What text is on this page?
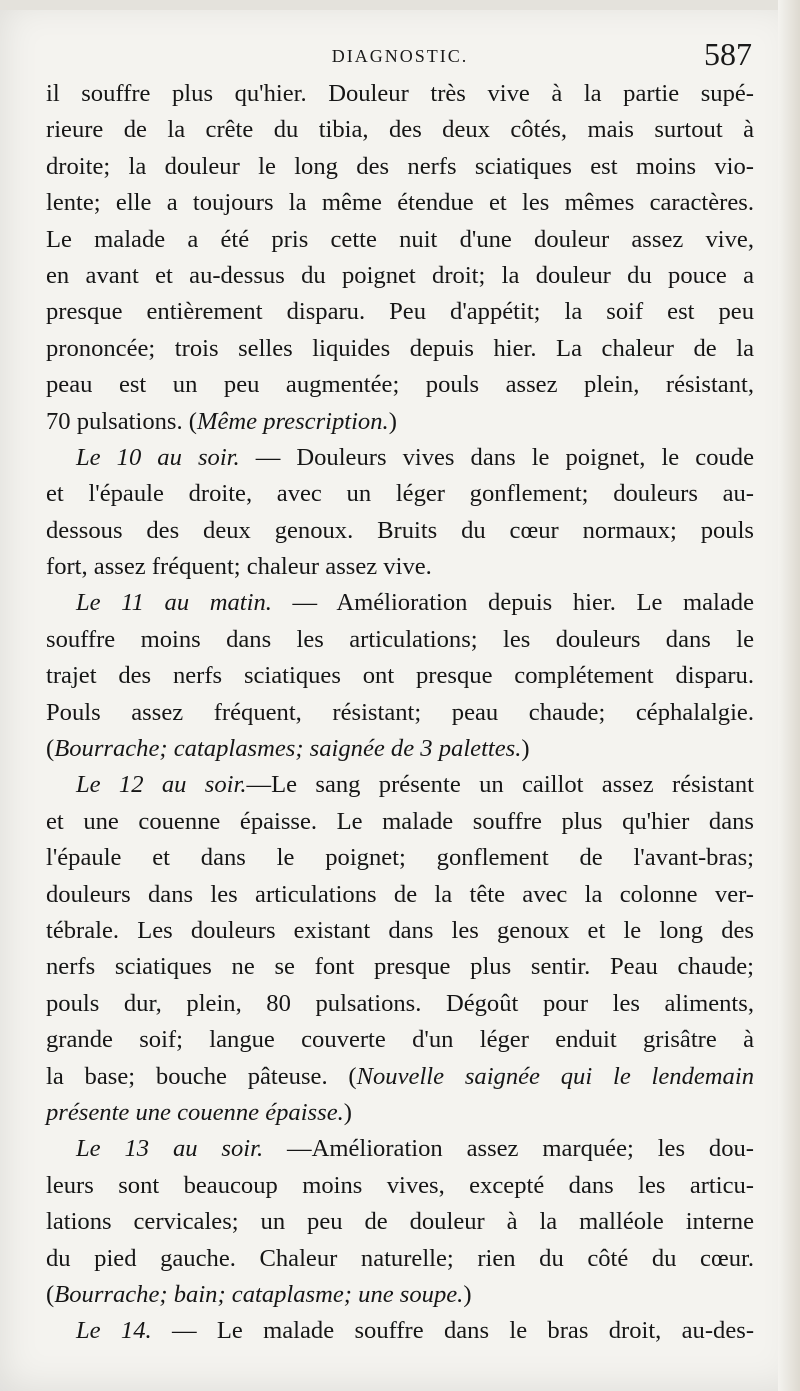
DIAGNOSTIC.	587
il souffre plus qu'hier. Douleur très vive à la partie supé-
rieure de la crête du tibia, des deux côtés, mais surtout à
droite; la douleur le long des nerfs sciatiques est moins vio-
lente; elle a toujours la même étendue et les mêmes caractères.
Le malade a été pris cette nuit d'une douleur assez vive,
en avant et au-dessus du poignet droit; la douleur du pouce a
presque entièrement disparu. Peu d'appétit; la soif est peu
prononcée; trois selles liquides depuis hier. La chaleur de la
peau est un peu augmentée; pouls assez plein, résistant,
70 pulsations. (Même prescription.)
Le 10 au soir. — Douleurs vives dans le poignet, le coude
et l'épaule droite, avec un léger gonflement; douleurs au-
dessous des deux genoux. Bruits du cœur normaux; pouls
fort, assez fréquent; chaleur assez vive.
Le 11 au matin. — Amélioration depuis hier. Le malade
souffre moins dans les articulations; les douleurs dans le
trajet des nerfs sciatiques ont presque complétement disparu.
Pouls assez fréquent, résistant; peau chaude; céphalalgie.
(Bourrache; cataplasmes; saignée de 3 palettes.)
Le 12 au soir.—Le sang présente un caillot assez résistant
et une couenne épaisse. Le malade souffre plus qu'hier dans
l'épaule et dans le poignet; gonflement de l'avant-bras;
douleurs dans les articulations de la tête avec la colonne ver-
tébrale. Les douleurs existant dans les genoux et le long des
nerfs sciatiques ne se font presque plus sentir. Peau chaude;
pouls dur, plein, 80 pulsations. Dégoût pour les aliments,
grande soif; langue couverte d'un léger enduit grisâtre à
la base; bouche pâteuse. (Nouvelle saignée qui le lendemain
présente une couenne épaisse.)
Le 13 au soir. —Amélioration assez marquée; les dou-
leurs sont beaucoup moins vives, excepté dans les articu-
lations cervicales; un peu de douleur à la malléole interne
du pied gauche. Chaleur naturelle; rien du côté du cœur.
(Bourrache; bain; cataplasme; une soupe.)
Le 14. — Le malade souffre dans le bras droit, au-des-
